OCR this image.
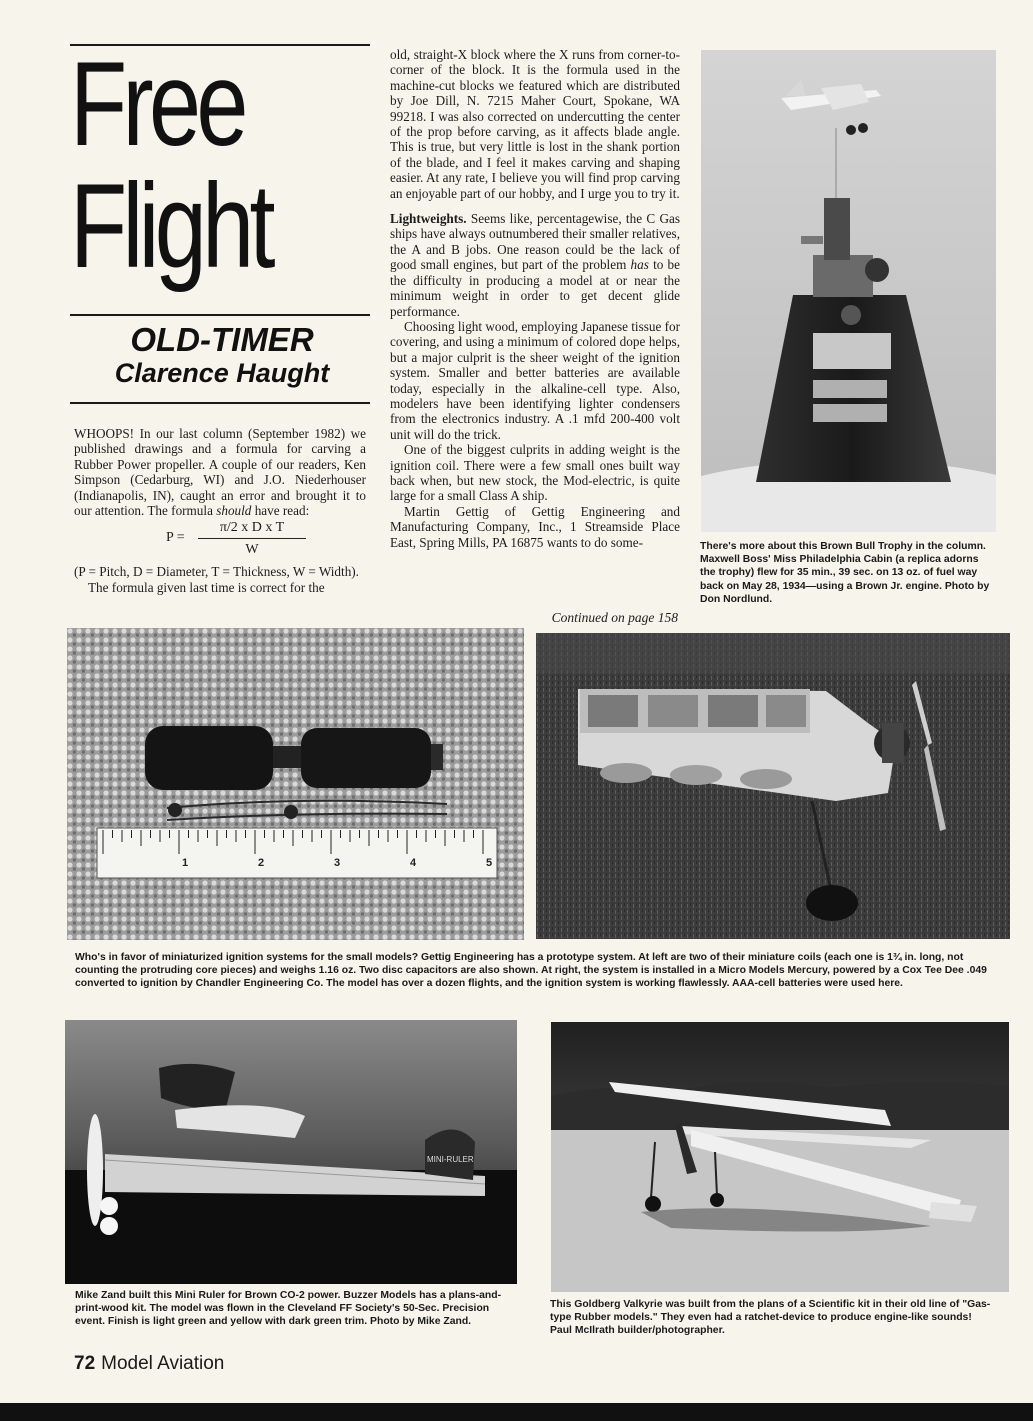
Free
Flight
OLD-TIMER
Clarence Haught

WHOOPS! In our last column (September 1982) we published drawings and a formula for carving a Rubber Power propeller. A couple of our readers, Ken Simpson (Cedarburg, WI) and J.O. Niederhouser (Indianapolis, IN), caught an error and brought it to our attention. The formula should have read:

P =
π/2 x D x T
W

(P = Pitch, D = Diameter, T = Thickness, W = Width).

The formula given last time is correct for the

old, straight-X block where the X runs from corner-to-corner of the block. It is the formula used in the machine-cut blocks we featured which are distributed by Joe Dill, N. 7215 Maher Court, Spokane, WA 99218. I was also corrected on undercutting the center of the prop before carving, as it affects blade angle. This is true, but very little is lost in the shank portion of the blade, and I feel it makes carving and shaping easier. At any rate, I believe you will find prop carving an enjoyable part of our hobby, and I urge you to try it.

Lightweights. Seems like, percentagewise, the C Gas ships have always outnumbered their smaller relatives, the A and B jobs. One reason could be the lack of good small engines, but part of the problem has to be the difficulty in producing a model at or near the minimum weight in order to get decent glide performance.

Choosing light wood, employing Japanese tissue for covering, and using a minimum of colored dope helps, but a major culprit is the sheer weight of the ignition system. Smaller and better batteries are available today, especially in the alkaline-cell type. Also, modelers have been identifying lighter condensers from the electronics industry. A .1 mfd 200-400 volt unit will do the trick.

One of the biggest culprits in adding weight is the ignition coil. There were a few small ones built way back when, but new stock, the Mod-electric, is quite large for a small Class A ship.

Martin Gettig of Gettig Engineering and Manufacturing Company, Inc., 1 Streamside Place East, Spring Mills, PA 16875 wants to do some-

Continued on page 158
There's more about this Brown Bull Trophy in the column. Maxwell Boss' Miss Philadelphia Cabin (a replica adorns the trophy) flew for 35 min., 39 sec. on 13 oz. of fuel way back on May 28, 1934—using a Brown Jr. engine. Photo by Don Nordlund.
1	2	3	4	5
Who's in favor of miniaturized ignition systems for the small models? Gettig Engineering has a prototype system. At left are two of their miniature coils (each one is 1¾ in. long, not counting the protruding core pieces) and weighs 1.16 oz. Two disc capacitors are also shown. At right, the system is installed in a Micro Models Mercury, powered by a Cox Tee Dee .049 converted to ignition by Chandler Engineering Co. The model has over a dozen flights, and the ignition system is working flawlessly. AAA-cell batteries were used here.
MINI-RULER
Mike Zand built this Mini Ruler for Brown CO-2 power. Buzzer Models has a plans-and-print-wood kit. The model was flown in the Cleveland FF Society's 50-Sec. Precision event. Finish is light green and yellow with dark green trim. Photo by Mike Zand.
This Goldberg Valkyrie was built from the plans of a Scientific kit in their old line of "Gas-type Rubber models." They even had a ratchet-device to produce engine-like sounds! Paul McIlrath builder/photographer.
72 Model Aviation
